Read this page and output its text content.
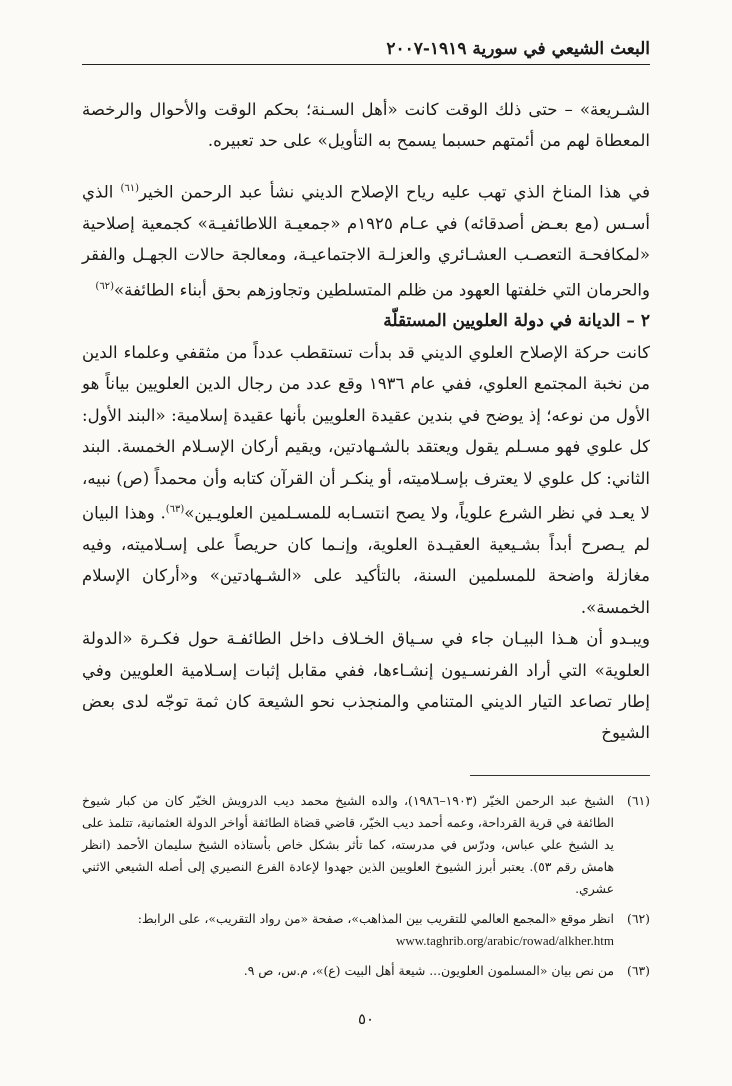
البعث الشيعي في سورية ١٩١٩-٢٠٠٧

الشـريعة» – حتى ذلك الوقت كانت «أهل السـنة؛ بحكم الوقت والأحوال والرخصة المعطاة لهم من أئمتهم حسبما يسمح به التأويل» على حد تعبيره.

في هذا المناخ الذي تهب عليه رياح الإصلاح الديني نشأ عبد الرحمن الخير$^{(٦١)}$ الذي أسـس (مع بعـض أصدقائه) في عـام ١٩٢٥م «جمعيـة اللاطائفيـة» كجمعية إصلاحية «لمكافحـة التعصـب العشـائري والعزلـة الاجتماعيـة، ومعالجة حالات الجهـل والفقر والحرمان التي خلفتها العهود من ظلم المتسلطين وتجاوزهم بحق أبناء الطائفة»$^{(٦٢)}$

٢ – الديانة في دولة العلويين المستقلّة

كانت حركة الإصلاح العلوي الديني قد بدأت تستقطب عدداً من مثقفي وعلماء الدين من نخبة المجتمع العلوي، ففي عام ١٩٣٦ وقع عدد من رجال الدين العلويين بياناً هو الأول من نوعه؛ إذ يوضح في بندين عقيدة العلويين بأنها عقيدة إسلامية: «البند الأول: كل علوي فهو مسـلم يقول ويعتقد بالشـهادتين، ويقيم أركان الإسـلام الخمسة. البند الثاني: كل علوي لا يعترف بإسـلاميته، أو ينكـر أن القرآن كتابه وأن محمداً (ص) نبيه، لا يعـد في نظر الشرع علوياً، ولا يصح انتسـابه للمسـلمين العلويـين»$^{(٦٣)}$. وهذا البيان لم يـصرح أبداً بشـيعية العقيـدة العلوية، وإنـما كان حريصاً على إسـلاميته، وفيه مغازلة واضحة للمسلمين السنة، بالتأكيد على «الشـهادتين» و«أركان الإسلام الخمسة».

ويبـدو أن هـذا البيـان جاء في سـياق الخـلاف داخل الطائفـة حول فكـرة «الدولة العلوية» التي أراد الفرنسـيون إنشـاءها، ففي مقابل إثبات إسـلامية العلويين وفي إطار تصاعد التيار الديني المتنامي والمنجذب نحو الشيعة كان ثمة توجّه لدى بعض الشيوخ

(٦١)
الشيخ عبد الرحمن الخيّر (١٩٠٣–١٩٨٦)، والده الشيخ محمد ديب الدرويش الخيّر كان من كبار شيوخ الطائفة في قرية القرداحة، وعمه أحمد ديب الخيّر، قاضي قضاة الطائفة أواخر الدولة العثمانية، تتلمذ على يد الشيخ علي عباس، ودرّس في مدرسته، كما تأثر بشكل خاص بأستاذه الشيخ سليمان الأحمد (انظر هامش رقم ٥٣). يعتبر أبرز الشيوخ العلويين الذين جهدوا لإعادة الفرع النصيري إلى أصله الشيعي الاثني عشري.
(٦٢)
انظر موقع «المجمع العالمي للتقريب بين المذاهب»، صفحة «من رواد التقريب»، على الرابط:
www.taghrib.org/arabic/rowad/alkher.htm
(٦٣)
من نص بيان «المسلمون العلويون... شيعة أهل البيت (ع)»، م.س، ص ٩.
٥٠
